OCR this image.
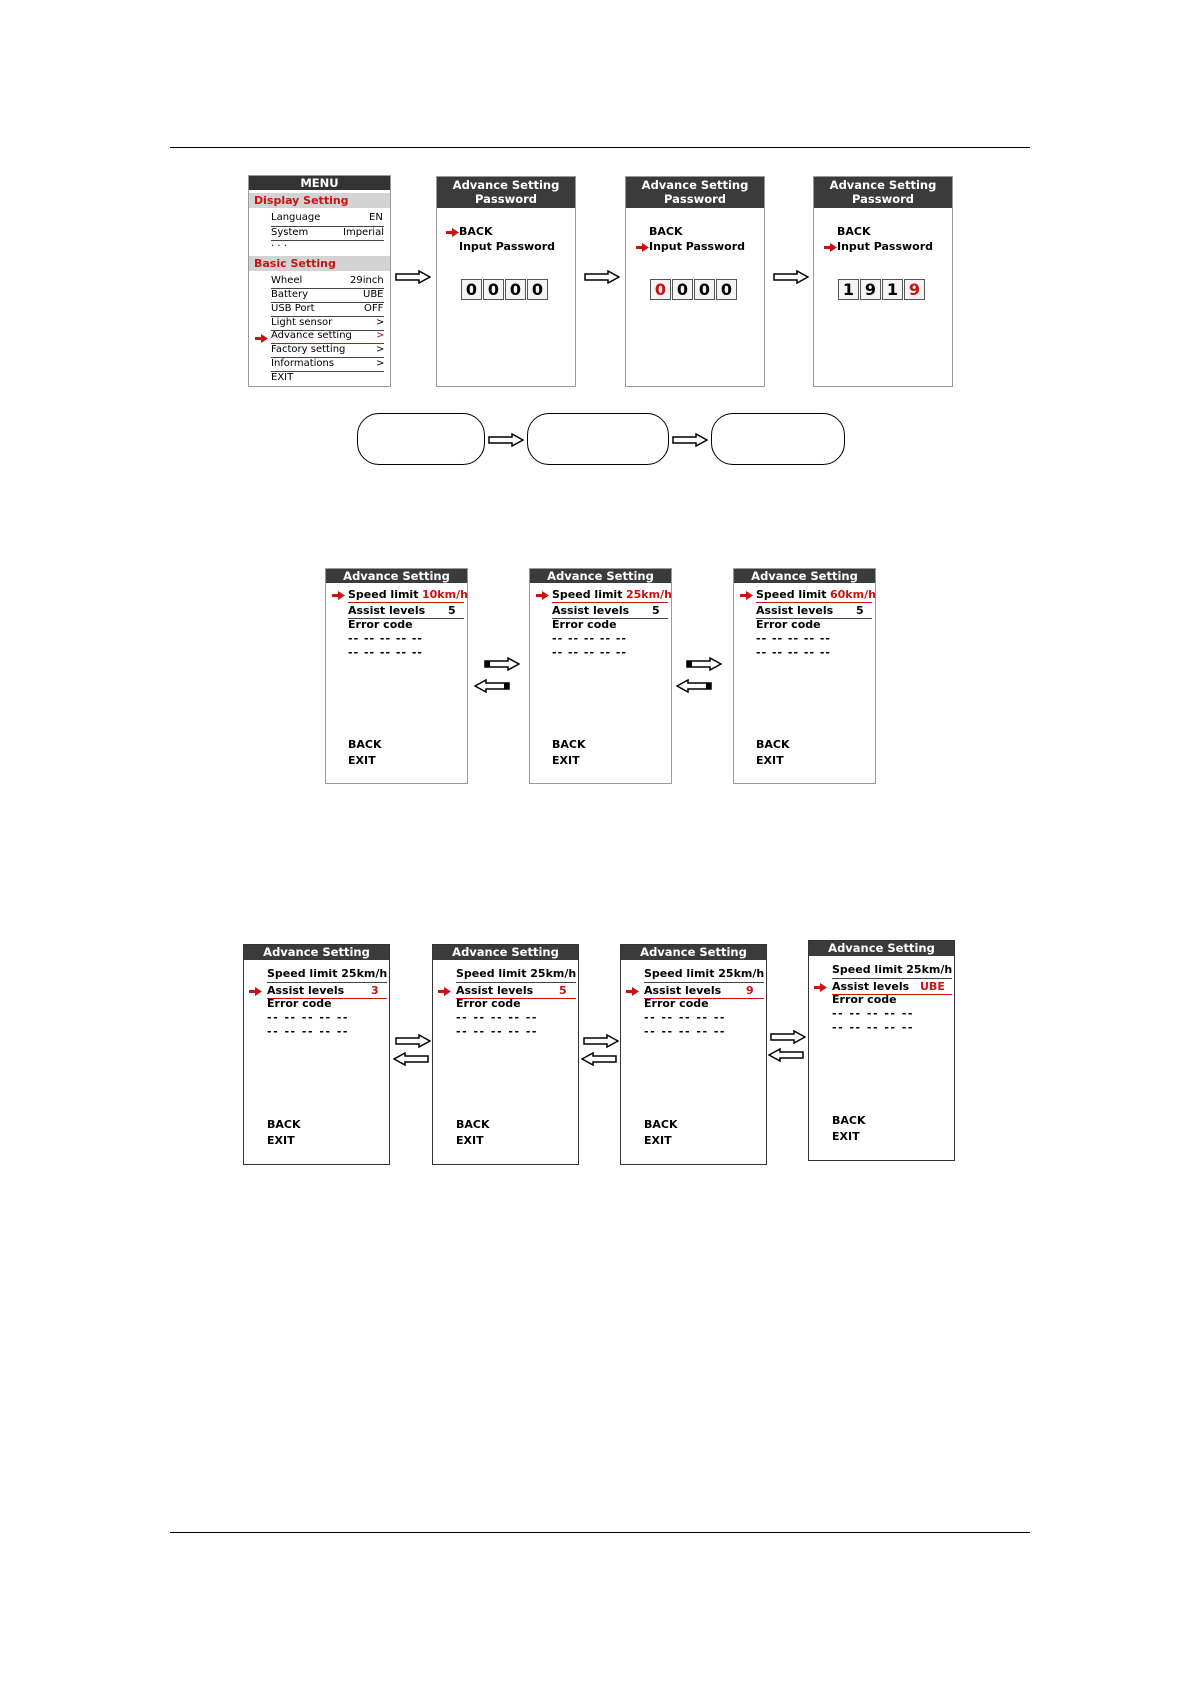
MENU
Display Setting
Language	EN
System	Imperial
. . .
Basic Setting
Wheel	29inch
Battery	UBE
USB Port	OFF
Light sensor	>
Advance setting >
Factory setting	>
Informations	>
EXIT
Advance Setting
Password
BACK
Input Password
0 0 0 0
Advance Setting
Password
BACK
Input Password
0 0 0 0
Advance Setting
Password
BACK
Input Password
1 9 1 9
Advance Setting
Speed limit 10km/h
Assist levels 5
Error code
-- -- -- -- --
-- -- -- -- --
BACK
EXIT
Advance Setting
Speed limit 25km/h
Assist levels 5
Error code
-- -- -- -- --
-- -- -- -- --
BACK
EXIT
Advance Setting
Speed limit 60km/h
Assist levels 5
Error code
-- -- -- -- --
-- -- -- -- --
BACK
EXIT
Advance Setting
Speed limit 25km/h
Assist levels 3
Error code
-- -- -- -- --
-- -- -- -- --
BACK
EXIT
Advance Setting
Speed limit 25km/h
Assist levels 5
Error code
-- -- -- -- --
-- -- -- -- --
BACK
EXIT
Advance Setting
Speed limit 25km/h
Assist levels 9
Error code
-- -- -- -- --
-- -- -- -- --
BACK
EXIT
Advance Setting
Speed limit 25km/h
Assist levels UBE
Error code
-- -- -- -- --
-- -- -- -- --
BACK
EXIT
